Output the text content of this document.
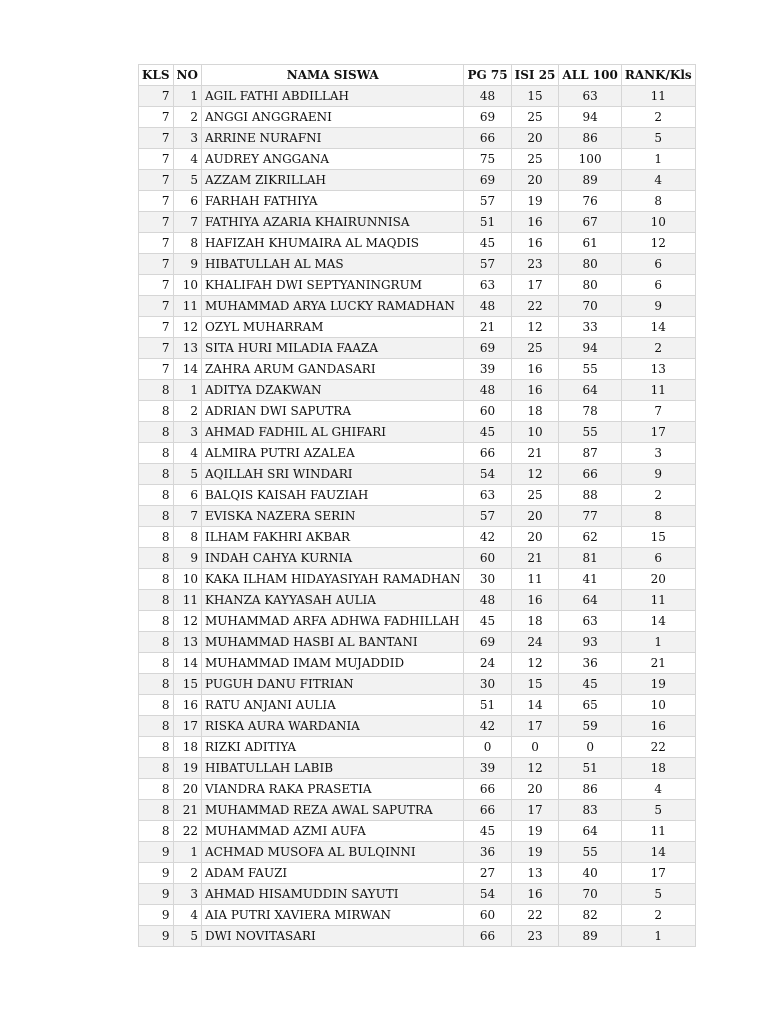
KLS	NO	NAMA SISWA	PG 75	ISI 25	ALL 100	RANK/Kls
7	1	AGIL FATHI ABDILLAH	48	15	63	11
7	2	ANGGI ANGGRAENI	69	25	94	2
7	3	ARRINE NURAFNI	66	20	86	5
7	4	AUDREY ANGGANA	75	25	100	1
7	5	AZZAM ZIKRILLAH	69	20	89	4
7	6	FARHAH FATHIYA	57	19	76	8
7	7	FATHIYA AZARIA KHAIRUNNISA	51	16	67	10
7	8	HAFIZAH KHUMAIRA AL MAQDIS	45	16	61	12
7	9	HIBATULLAH AL MAS	57	23	80	6
7	10	KHALIFAH DWI SEPTYANINGRUM	63	17	80	6
7	11	MUHAMMAD ARYA LUCKY RAMADHAN	48	22	70	9
7	12	OZYL MUHARRAM	21	12	33	14
7	13	SITA HURI MILADIA FAAZA	69	25	94	2
7	14	ZAHRA ARUM GANDASARI	39	16	55	13
8	1	ADITYA DZAKWAN	48	16	64	11
8	2	ADRIAN DWI SAPUTRA	60	18	78	7
8	3	AHMAD FADHIL AL GHIFARI	45	10	55	17
8	4	ALMIRA PUTRI AZALEA	66	21	87	3
8	5	AQILLAH SRI WINDARI	54	12	66	9
8	6	BALQIS KAISAH FAUZIAH	63	25	88	2
8	7	EVISKA NAZERA SERIN	57	20	77	8
8	8	ILHAM FAKHRI AKBAR	42	20	62	15
8	9	INDAH CAHYA KURNIA	60	21	81	6
8	10	KAKA ILHAM HIDAYASIYAH RAMADHAN	30	11	41	20
8	11	KHANZA KAYYASAH AULIA	48	16	64	11
8	12	MUHAMMAD ARFA ADHWA FADHILLAH	45	18	63	14
8	13	MUHAMMAD HASBI AL BANTANI	69	24	93	1
8	14	MUHAMMAD IMAM MUJADDID	24	12	36	21
8	15	PUGUH DANU FITRIAN	30	15	45	19
8	16	RATU ANJANI AULIA	51	14	65	10
8	17	RISKA AURA WARDANIA	42	17	59	16
8	18	RIZKI ADITIYA	0	0	0	22
8	19	HIBATULLAH LABIB	39	12	51	18
8	20	VIANDRA RAKA PRASETIA	66	20	86	4
8	21	MUHAMMAD REZA AWAL SAPUTRA	66	17	83	5
8	22	MUHAMMAD AZMI AUFA	45	19	64	11
9	1	ACHMAD MUSOFA AL BULQINNI	36	19	55	14
9	2	ADAM FAUZI	27	13	40	17
9	3	AHMAD HISAMUDDIN SAYUTI	54	16	70	5
9	4	AIA PUTRI XAVIERA MIRWAN	60	22	82	2
9	5	DWI NOVITASARI	66	23	89	1
